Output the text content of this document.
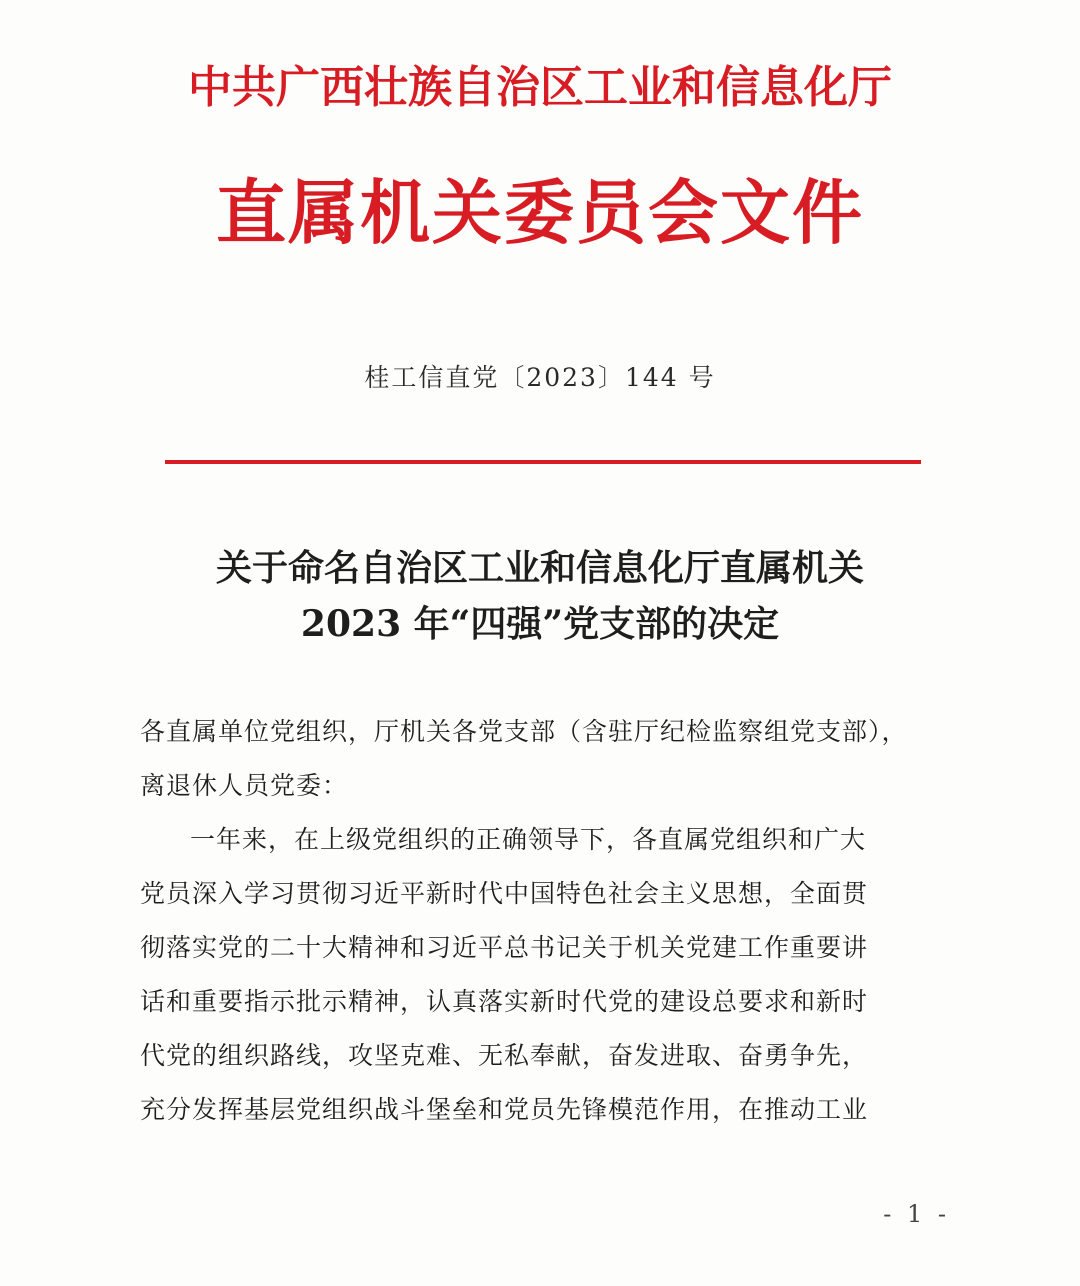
中共广西壮族自治区工业和信息化厅
直属机关委员会文件
桂工信直党〔2023〕144 号
关于命名自治区工业和信息化厅直属机关
2023 年“四强”党支部的决定
各直属单位党组织，厅机关各党支部（含驻厅纪检监察组党支部），
离退休人员党委：
一年来，在上级党组织的正确领导下，各直属党组织和广大
党员深入学习贯彻习近平新时代中国特色社会主义思想，全面贯
彻落实党的二十大精神和习近平总书记关于机关党建工作重要讲
话和重要指示批示精神，认真落实新时代党的建设总要求和新时
代党的组织路线，攻坚克难、无私奉献，奋发进取、奋勇争先，
充分发挥基层党组织战斗堡垒和党员先锋模范作用，在推动工业
- 1 -
